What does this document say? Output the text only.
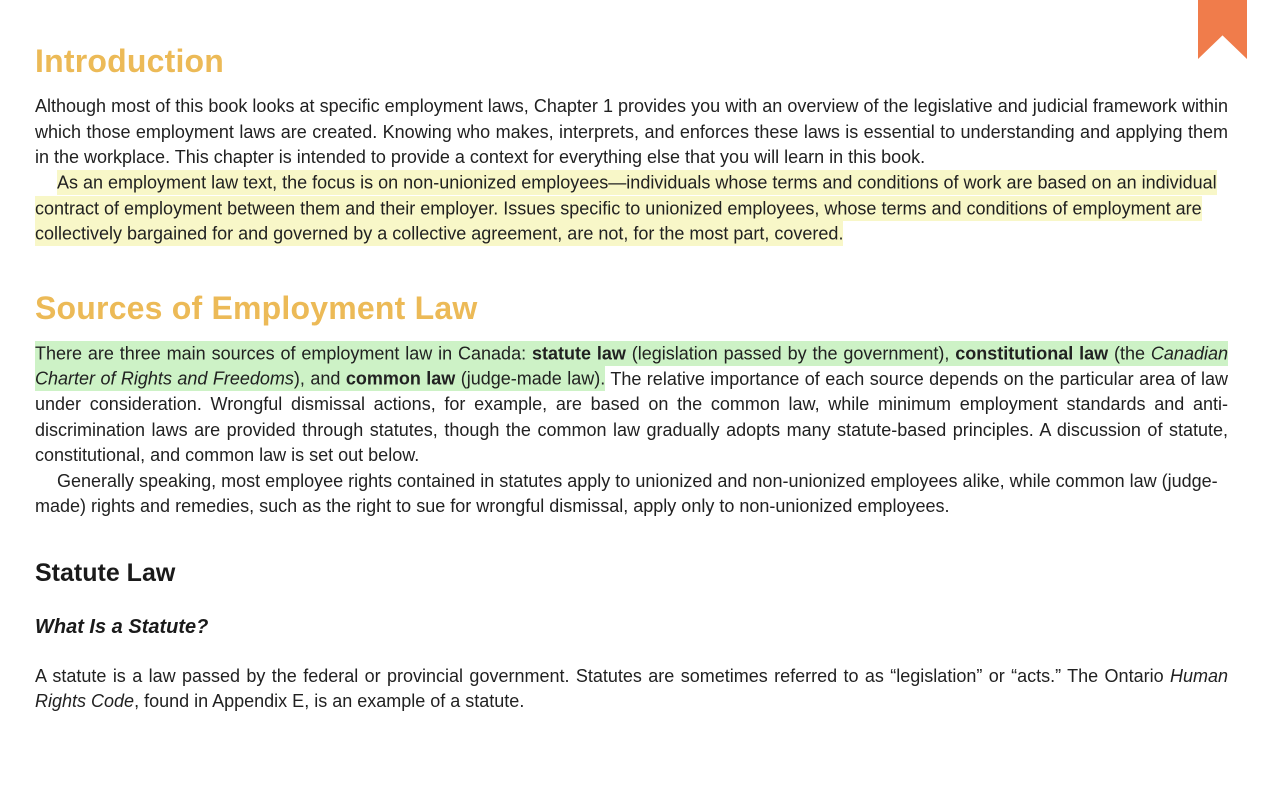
Introduction

Although most of this book looks at specific employment laws, Chapter 1 provides you with an overview of the legislative and judicial framework within which those employment laws are created. Knowing who makes, interprets, and enforces these laws is essential to understanding and applying them in the workplace. This chapter is intended to provide a context for everything else that you will learn in this book.

As an employment law text, the focus is on non-unionized employees—individuals whose terms and conditions of work are based on an individual contract of employment between them and their employer. Issues specific to unionized employees, whose terms and conditions of employment are collectively bargained for and governed by a collective agreement, are not, for the most part, covered.

Sources of Employment Law

There are three main sources of employment law in Canada: statute law (legislation passed by the government), constitutional law (the Canadian Charter of Rights and Freedoms), and common law (judge-made law). The relative importance of each source depends on the particular area of law under consideration. Wrongful dismissal actions, for example, are based on the common law, while minimum employment standards and anti-discrimination laws are provided through statutes, though the common law gradually adopts many statute-based principles. A discussion of statute, constitutional, and common law is set out below.

Generally speaking, most employee rights contained in statutes apply to unionized and non-unionized employees alike, while common law (judge-made) rights and remedies, such as the right to sue for wrongful dismissal, apply only to non-unionized employees.

Statute Law
What Is a Statute?

A statute is a law passed by the federal or provincial government. Statutes are sometimes referred to as “legislation” or “acts.” The Ontario Human Rights Code, found in Appendix E, is an example of a statute.
